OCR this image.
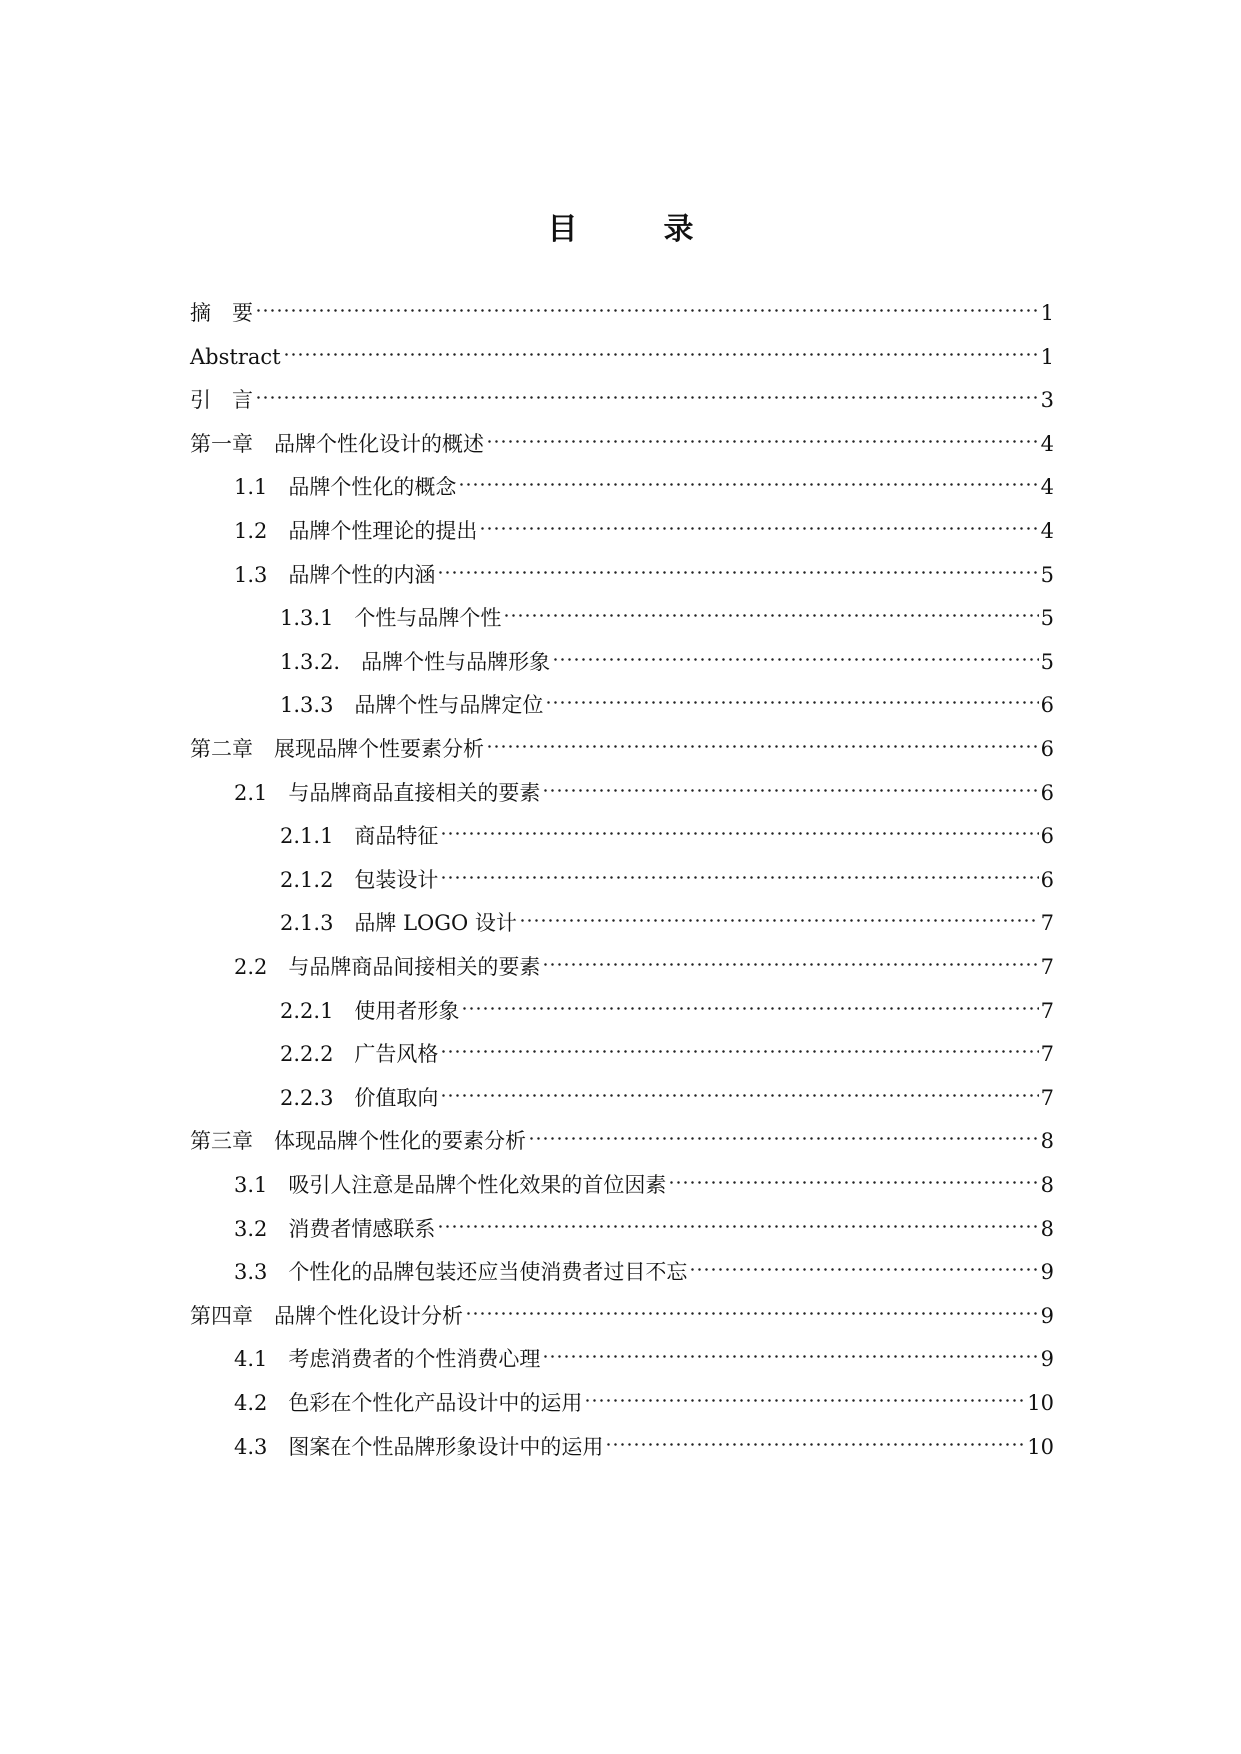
目　录
摘　要	1
Abstract	1
引　言	3
第一章　品牌个性化设计的概述	4
1.1　品牌个性化的概念	4
1.2　品牌个性理论的提出	4
1.3　品牌个性的内涵	5
1.3.1　个性与品牌个性	5
1.3.2.　品牌个性与品牌形象	5
1.3.3　品牌个性与品牌定位	6
第二章　展现品牌个性要素分析	6
2.1　与品牌商品直接相关的要素	6
2.1.1　商品特征	6
2.1.2　包装设计	6
2.1.3　品牌 LOGO 设计	7
2.2　与品牌商品间接相关的要素	7
2.2.1　使用者形象	7
2.2.2　广告风格	7
2.2.3　价值取向	7
第三章　体现品牌个性化的要素分析	8
3.1　吸引人注意是品牌个性化效果的首位因素	8
3.2　消费者情感联系	8
3.3　个性化的品牌包装还应当使消费者过目不忘	9
第四章　品牌个性化设计分析	9
4.1　考虑消费者的个性消费心理	9
4.2　色彩在个性化产品设计中的运用	10
4.3　图案在个性品牌形象设计中的运用	10
